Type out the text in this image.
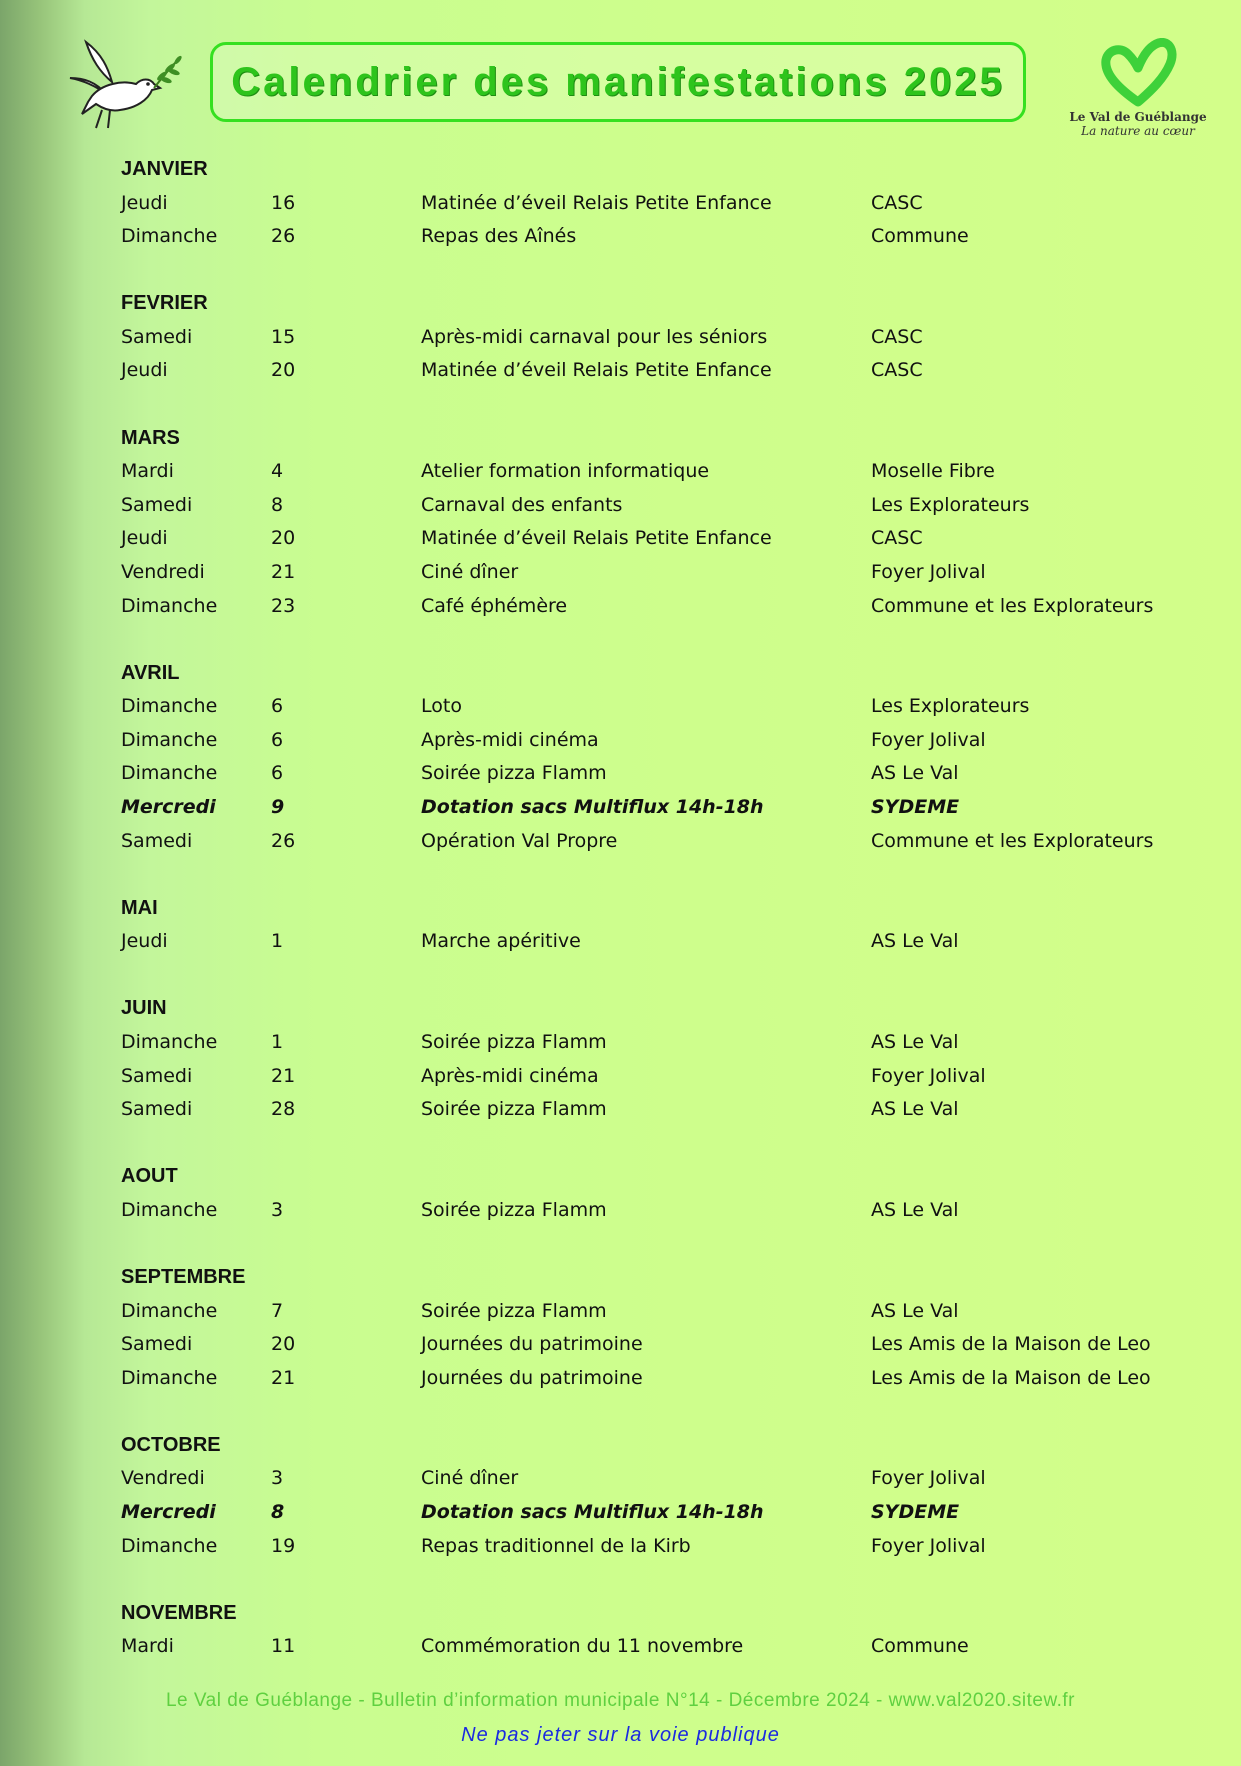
Calendrier des manifestations 2025
Le Val de Guéblange
La nature au cœur
JANVIER
Jeudi	16	Matinée d’éveil Relais Petite Enfance	CASC
Dimanche	26	Repas des Aînés	Commune
FEVRIER
Samedi	15	Après-midi carnaval pour les séniors	CASC
Jeudi	20	Matinée d’éveil Relais Petite Enfance	CASC
MARS
Mardi	4	Atelier formation informatique	Moselle Fibre
Samedi	8	Carnaval des enfants	Les Explorateurs
Jeudi	20	Matinée d’éveil Relais Petite Enfance	CASC
Vendredi	21	Ciné dîner	Foyer Jolival
Dimanche	23	Café éphémère	Commune et les Explorateurs
AVRIL
Dimanche	6	Loto	Les Explorateurs
Dimanche	6	Après-midi cinéma	Foyer Jolival
Dimanche	6	Soirée pizza Flamm	AS Le Val
Mercredi	9	Dotation sacs Multiflux 14h-18h	SYDEME
Samedi	26	Opération Val Propre	Commune et les Explorateurs
MAI
Jeudi	1	Marche apéritive	AS Le Val
JUIN
Dimanche	1	Soirée pizza Flamm	AS Le Val
Samedi	21	Après-midi cinéma	Foyer Jolival
Samedi	28	Soirée pizza Flamm	AS Le Val
AOUT
Dimanche	3	Soirée pizza Flamm	AS Le Val
SEPTEMBRE
Dimanche	7	Soirée pizza Flamm	AS Le Val
Samedi	20	Journées du patrimoine	Les Amis de la Maison de Leo
Dimanche	21	Journées du patrimoine	Les Amis de la Maison de Leo
OCTOBRE
Vendredi	3	Ciné dîner	Foyer Jolival
Mercredi	8	Dotation sacs Multiflux 14h-18h	SYDEME
Dimanche	19	Repas traditionnel de la Kirb	Foyer Jolival
NOVEMBRE
Mardi	11	Commémoration du 11 novembre	Commune
Le Val de Guéblange - Bulletin d’information municipale N°14 - Décembre 2024 - www.val2020.sitew.fr
Ne pas jeter sur la voie publique
